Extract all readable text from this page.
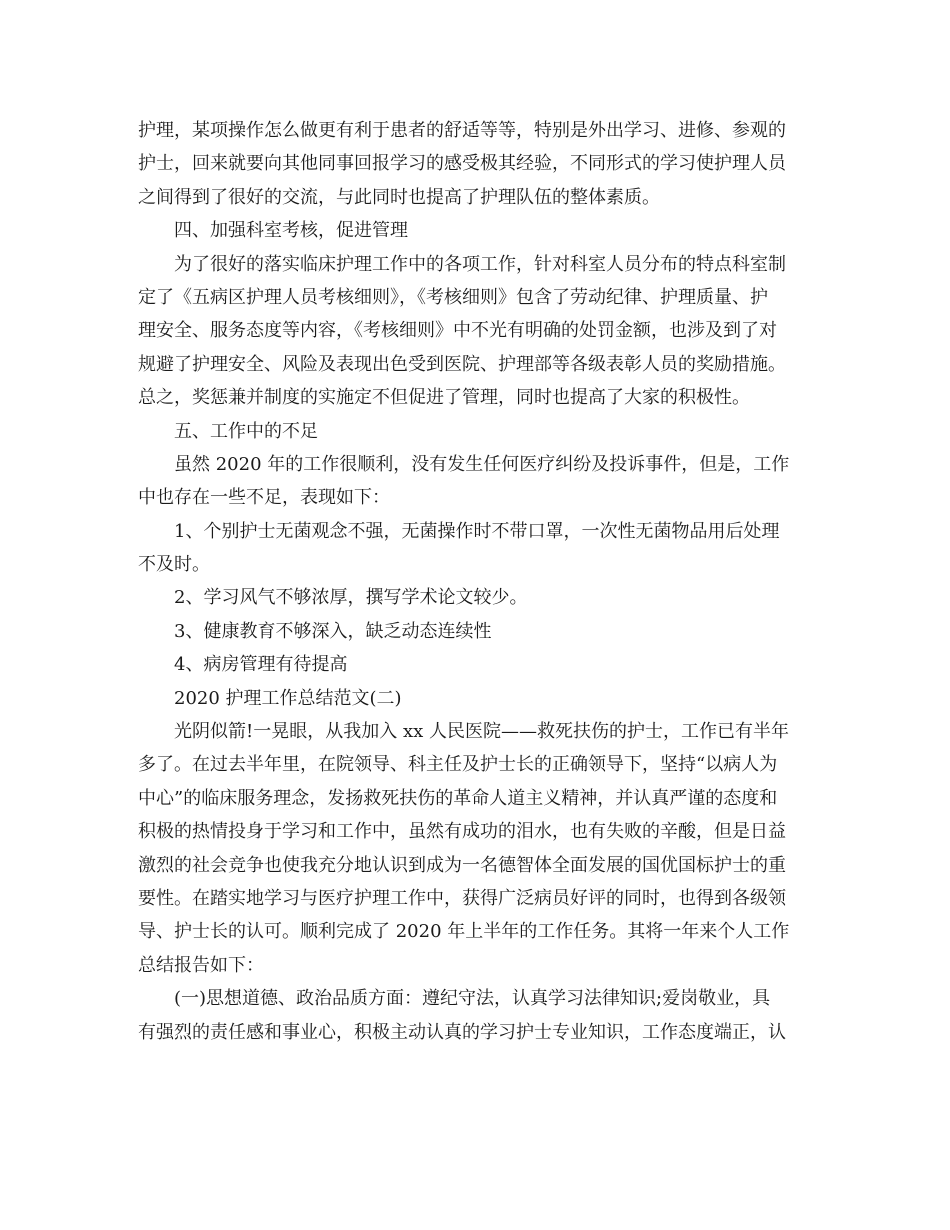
护理，某项操作怎么做更有利于患者的舒适等等，特别是外出学习、进修、参观的
护士，回来就要向其他同事回报学习的感受极其经验，不同形式的学习使护理人员
之间得到了很好的交流，与此同时也提高了护理队伍的整体素质。
四、加强科室考核，促进管理
为了很好的落实临床护理工作中的各项工作，针对科室人员分布的特点科室制
定了《五病区护理人员考核细则》，《考核细则》包含了劳动纪律、护理质量、护
理安全、服务态度等内容，《考核细则》中不光有明确的处罚金额，也涉及到了对
规避了护理安全、风险及表现出色受到医院、护理部等各级表彰人员的奖励措施。
总之，奖惩兼并制度的实施定不但促进了管理，同时也提高了大家的积极性。
五、工作中的不足
虽然 2020 年的工作很顺利，没有发生任何医疗纠纷及投诉事件，但是，工作
中也存在一些不足，表现如下：
1、个别护士无菌观念不强，无菌操作时不带口罩，一次性无菌物品用后处理
不及时。
2、学习风气不够浓厚，撰写学术论文较少。
3、健康教育不够深入，缺乏动态连续性
4、病房管理有待提高
2020 护理工作总结范文(二)
光阴似箭!一晃眼，从我加入 xx 人民医院——救死扶伤的护士，工作已有半年
多了。在过去半年里，在院领导、科主任及护士长的正确领导下，坚持“以病人为
中心”的临床服务理念，发扬救死扶伤的革命人道主义精神，并认真严谨的态度和
积极的热情投身于学习和工作中，虽然有成功的泪水，也有失败的辛酸，但是日益
激烈的社会竞争也使我充分地认识到成为一名德智体全面发展的国优国标护士的重
要性。在踏实地学习与医疗护理工作中，获得广泛病员好评的同时，也得到各级领
导、护士长的认可。顺利完成了 2020 年上半年的工作任务。其将一年来个人工作
总结报告如下：
(一)思想道德、政治品质方面：遵纪守法，认真学习法律知识;爱岗敬业，具
有强烈的责任感和事业心，积极主动认真的学习护士专业知识，工作态度端正，认
